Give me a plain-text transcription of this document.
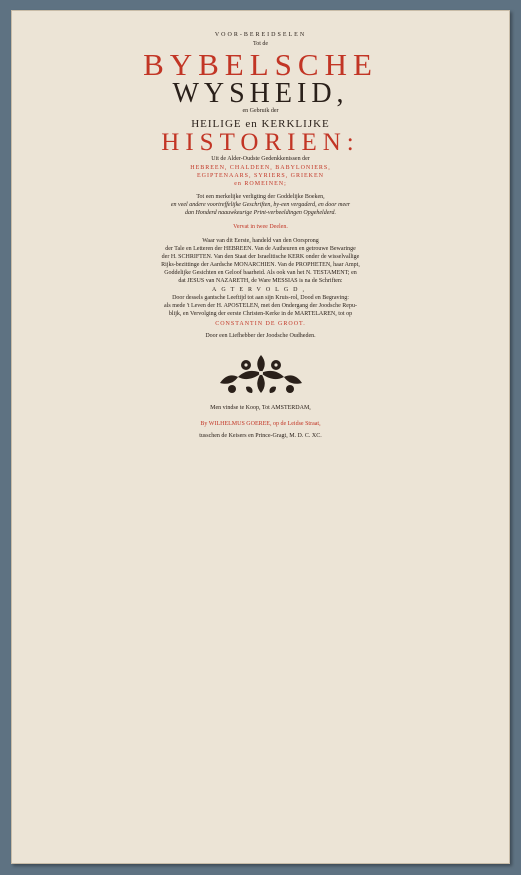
VOOR-BEREIDSELEN

Tot de

BYBELSCHE

WYSHEID,

en Gebruik der

HEILIGE en KERKLIJKE

HISTORIEN:

Uit de Alder-Oudste Gedenkkenissen der

HEBREEN, CHALDEEN, BABYLONIERS,

EGIPTENAARS, SYRIERS, GRIEKEN

en ROMEINEN;

Tot een merkelijke verligting der Goddelijke Boeken,

en veel andere voortreffelijke Geschriften, by-een vergaderd, en door meer

dan Honderd naauwkeurige Print-verbeeldingen Opgehelderd.

Vervat in twee Deelen.

Waar van dit Eerste, handeld van den Oorsprong

der Tale en Letteren der HEBREEN. Van de Autheuren en getrouwe Bewaringe

der H. SCHRIFTEN. Van den Staat der Israelitische KERK onder de wisselvallige

Rijks-bezittinge der Aardsche MONARCHIEN. Van de PROPHETEN, haar Ampt,

Goddelijke Gesichten en Geloof baarheid. Als ook van het N. TESTAMENT; en

dat JESUS van NAZARETH, de Ware MESSIAS is na de Schriften:

AGTERVOLGD,

Door dessels gantsche Leeftijd tot aan sijn Kruis-rol, Dood en Begraving:

als mede 't Leven der H. APOSTELEN, met den Ondergang der Joodsche Repu-

blijk, en Vervolging der eerste Christen-Kerke in de MARTELAREN, tot op

CONSTANTIN DE GROOT.

Door een Liefhebber der Joodsche Oudheden.

Men vindse te Koop, Tot AMSTERDAM,

By WILHELMUS GOEREE, op de Leidse Straat,

tusschen de Keisers en Prince-Gragt, M. D. C. XC.
